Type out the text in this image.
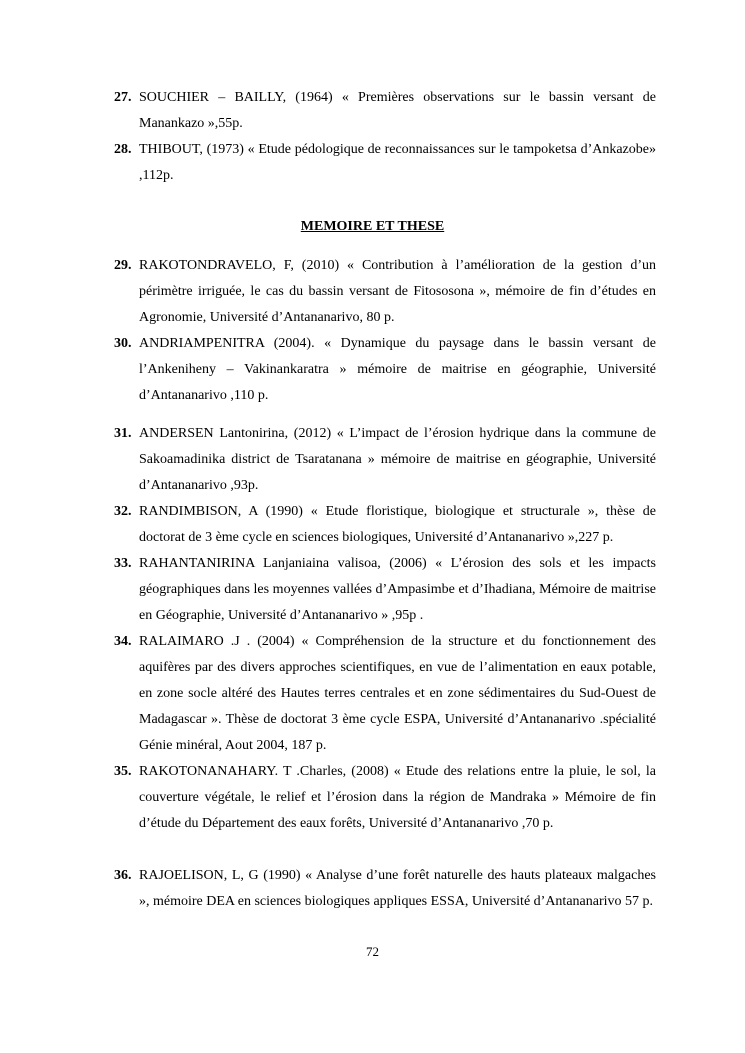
27. SOUCHIER – BAILLY, (1964) « Premières observations sur le bassin versant de Manankazo »,55p.

28. THIBOUT, (1973) « Etude pédologique de reconnaissances sur le tampoketsa d’Ankazobe» ,112p.

MEMOIRE ET THESE

29. RAKOTONDRAVELO, F, (2010) « Contribution à l’amélioration de la gestion d’un périmètre irriguée, le cas du bassin versant de Fitososona », mémoire de fin d’études en Agronomie, Université d’Antananarivo, 80 p.

30. ANDRIAMPENITRA (2004). « Dynamique du paysage dans le bassin versant de l’Ankeniheny – Vakinankaratra » mémoire de maitrise en géographie, Université d’Antananarivo ,110 p.

31. ANDERSEN Lantonirina, (2012) « L’impact de l’érosion hydrique dans la commune de Sakoamadinika district de Tsaratanana » mémoire de maitrise en géographie, Université d’Antananarivo ,93p.

32. RANDIMBISON, A (1990) « Etude floristique, biologique et structurale », thèse de doctorat de 3 ème cycle en sciences biologiques, Université d’Antananarivo »,227 p.

33. RAHANTANIRINA Lanjaniaina valisoa, (2006) « L’érosion des sols et les impacts géographiques dans les moyennes vallées d’Ampasimbe et d’Ihadiana, Mémoire de maitrise en Géographie, Université d’Antananarivo » ,95p .

34. RALAIMARO .J . (2004) « Compréhension de la structure et du fonctionnement des aquifères par des divers approches scientifiques, en vue de l’alimentation en eaux potable, en zone socle altéré des Hautes terres centrales et en zone sédimentaires du Sud-Ouest de Madagascar ». Thèse de doctorat 3 ème cycle ESPA, Université d’Antananarivo .spécialité Génie minéral, Aout 2004, 187 p.

35. RAKOTONANAHARY. T .Charles, (2008) « Etude des relations entre la pluie, le sol, la couverture végétale, le relief et l’érosion dans la région de Mandraka » Mémoire de fin d’étude du Département des eaux forêts, Université d’Antananarivo ,70 p.

36. RAJOELISON, L, G (1990) « Analyse d’une forêt naturelle des hauts plateaux malgaches », mémoire DEA en sciences biologiques appliques ESSA, Université d’Antananarivo 57 p.

72
